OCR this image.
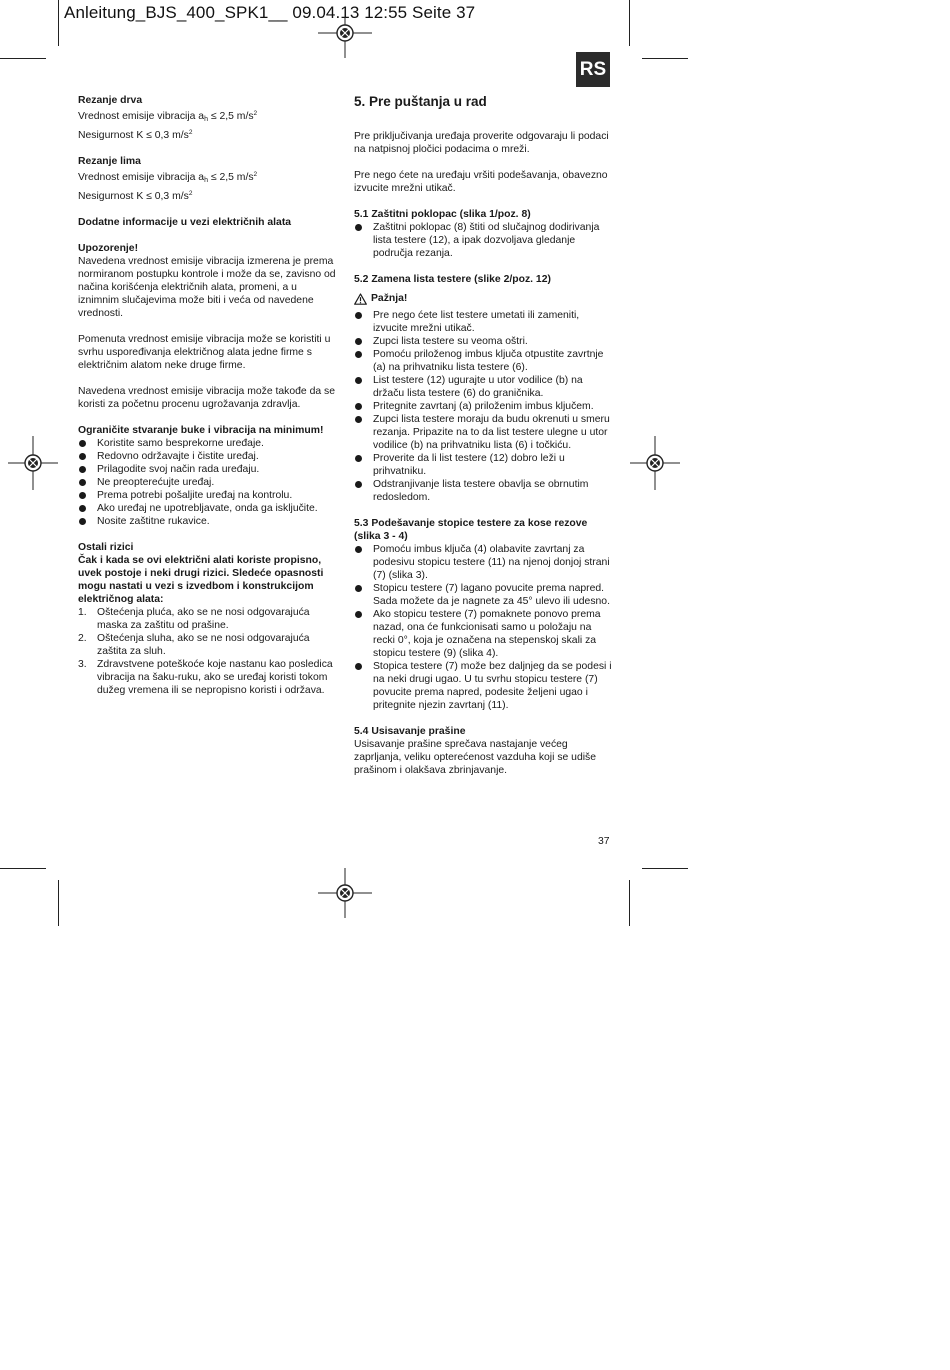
Anleitung_BJS_400_SPK1__ 09.04.13 12:55 Seite 37
RS

Rezanje drva

Vrednost emisije vibracija $a_h \le 2,5$ $m/s^2$

Nesigurnost K ≤ 0,3 $m/s^2$

Rezanje lima

Vrednost emisije vibracija $a_h \le 2,5$ $m/s^2$

Nesigurnost K ≤ 0,3 $m/s^2$

Dodatne informacije u vezi električnih alata

Upozorenje!

Navedena vrednost emisije vibracija izmerena je prema normiranom postupku kontrole i može da se, zavisno od načina korišćenja električnih alata, promeni, a u iznimnim slučajevima može biti i veća od navedene vrednosti.

Pomenuta vrednost emisije vibracija može se koristiti u svrhu uspoređivanja električnog alata jedne firme s električnim alatom neke druge firme.

Navedena vrednost emisije vibracija može takođe da se koristi za početnu procenu ugrožavanja zdravlja.

Ograničite stvaranje buke i vibracija na minimum!

Koristite samo besprekorne uređaje.
Redovno održavajte i čistite uređaj.
Prilagodite svoj način rada uređaju.
Ne preopterećujte uređaj.
Prema potrebi pošaljite uređaj na kontrolu.
Ako uređaj ne upotrebljavate, onda ga isključite.
Nosite zaštitne rukavice.

Ostali rizici

Čak i kada se ovi električni alati koriste propisno, uvek postoje i neki drugi rizici. Sledeće opasnosti mogu nastati u vezi s izvedbom i konstrukcijom električnog alata:

1. Oštećenja pluća, ako se ne nosi odgovarajuća maska za zaštitu od prašine.
2. Oštećenja sluha, ako se ne nosi odgovarajuća zaštita za sluh.
3. Zdravstvene poteškoće koje nastanu kao posledica vibracija na šaku-ruku, ako se uređaj koristi tokom dužeg vremena ili se nepropisno koristi i održava.

5. Pre puštanja u rad

Pre priključivanja uređaja proverite odgovaraju li podaci na natpisnoj pločici podacima o mreži.

Pre nego ćete na uređaju vršiti podešavanja, obavezno izvucite mrežni utikač.

5.1 Zaštitni poklopac (slika 1/poz. 8)

Zaštitni poklopac (8) štiti od slučajnog dodirivanja lista testere (12), a ipak dozvoljava gledanje područja rezanja.

5.2 Zamena lista testere (slike 2/poz. 12)

Pažnja!

Pre nego ćete list testere umetati ili zameniti, izvucite mrežni utikač.
Zupci lista testere su veoma oštri.
Pomoću priloženog imbus ključa otpustite zavrtnje (a) na prihvatniku lista testere (6).
List testere (12) ugurajte u utor vodilice (b) na držaču lista testere (6) do graničnika.
Pritegnite zavrtanj (a) priloženim imbus ključem.
Zupci lista testere moraju da budu okrenuti u smeru rezanja. Pripazite na to da list testere ulegne u utor vodilice (b) na prihvatniku lista (6) i točkiću.
Proverite da li list testere (12) dobro leži u prihvatniku.
Odstranjivanje lista testere obavlja se obrnutim redosledom.

5.3 Podešavanje stopice testere za kose rezove (slika 3 - 4)

Pomoću imbus ključa (4) olabavite zavrtanj za podesivu stopicu testere (11) na njenoj donjoj strani (7) (slika 3).
Stopicu testere (7) lagano povucite prema napred. Sada možete da je nagnete za 45° ulevo ili udesno.
Ako stopicu testere (7) pomaknete ponovo prema nazad, ona će funkcionisati samo u položaju na recki 0°, koja je označena na stepenskoj skali za stopicu testere (9) (slika 4).
Stopica testere (7) može bez daljnjeg da se podesi i na neki drugi ugao. U tu svrhu stopicu testere (7) povucite prema napred, podesite željeni ugao i pritegnite njezin zavrtanj (11).

5.4 Usisavanje prašine

Usisavanje prašine sprečava nastajanje većeg zaprljanja, veliku opterećenost vazduha koji se udiše prašinom i olakšava zbrinjavanje.

37
